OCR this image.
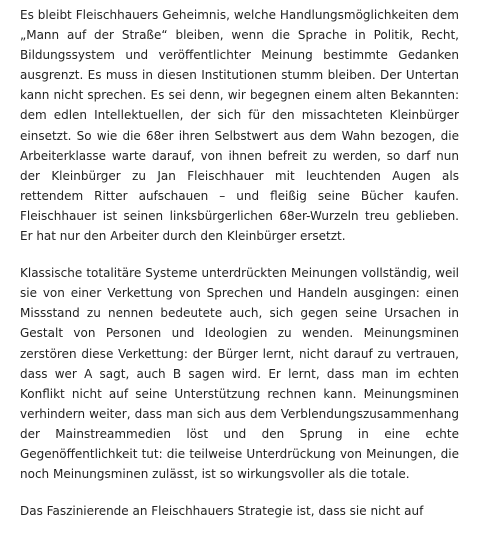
Es bleibt Fleischhauers Geheimnis, welche Handlungsmöglichkeiten dem „Mann auf der Straße“ bleiben, wenn die Sprache in Politik, Recht, Bildungssystem und veröffentlichter Meinung bestimmte Gedanken ausgrenzt. Es muss in diesen Institutionen stumm bleiben. Der Untertan kann nicht sprechen. Es sei denn, wir begegnen einem alten Bekannten: dem edlen Intellektuellen, der sich für den missachteten Kleinbürger einsetzt. So wie die 68er ihren Selbstwert aus dem Wahn bezogen, die Arbeiterklasse warte darauf, von ihnen befreit zu werden, so darf nun der Kleinbürger zu Jan Fleischhauer mit leuchtenden Augen als rettendem Ritter aufschauen – und fleißig seine Bücher kaufen. Fleischhauer ist seinen linksbürgerlichen 68er-Wurzeln treu geblieben. Er hat nur den Arbeiter durch den Kleinbürger ersetzt.

Klassische totalitäre Systeme unterdrückten Meinungen vollständig, weil sie von einer Verkettung von Sprechen und Handeln ausgingen: einen Missstand zu nennen bedeutete auch, sich gegen seine Ursachen in Gestalt von Personen und Ideologien zu wenden. Meinungsminen zerstören diese Verkettung: der Bürger lernt, nicht darauf zu vertrauen, dass wer A sagt, auch B sagen wird. Er lernt, dass man im echten Konflikt nicht auf seine Unterstützung rechnen kann. Meinungsminen verhindern weiter, dass man sich aus dem Verblendungszusammenhang der Mainstreammedien löst und den Sprung in eine echte Gegenöffentlichkeit tut: die teilweise Unterdrückung von Meinungen, die noch Meinungsminen zulässt, ist so wirkungsvoller als die totale.

Das Faszinierende an Fleischhauers Strategie ist, dass sie nicht auf
